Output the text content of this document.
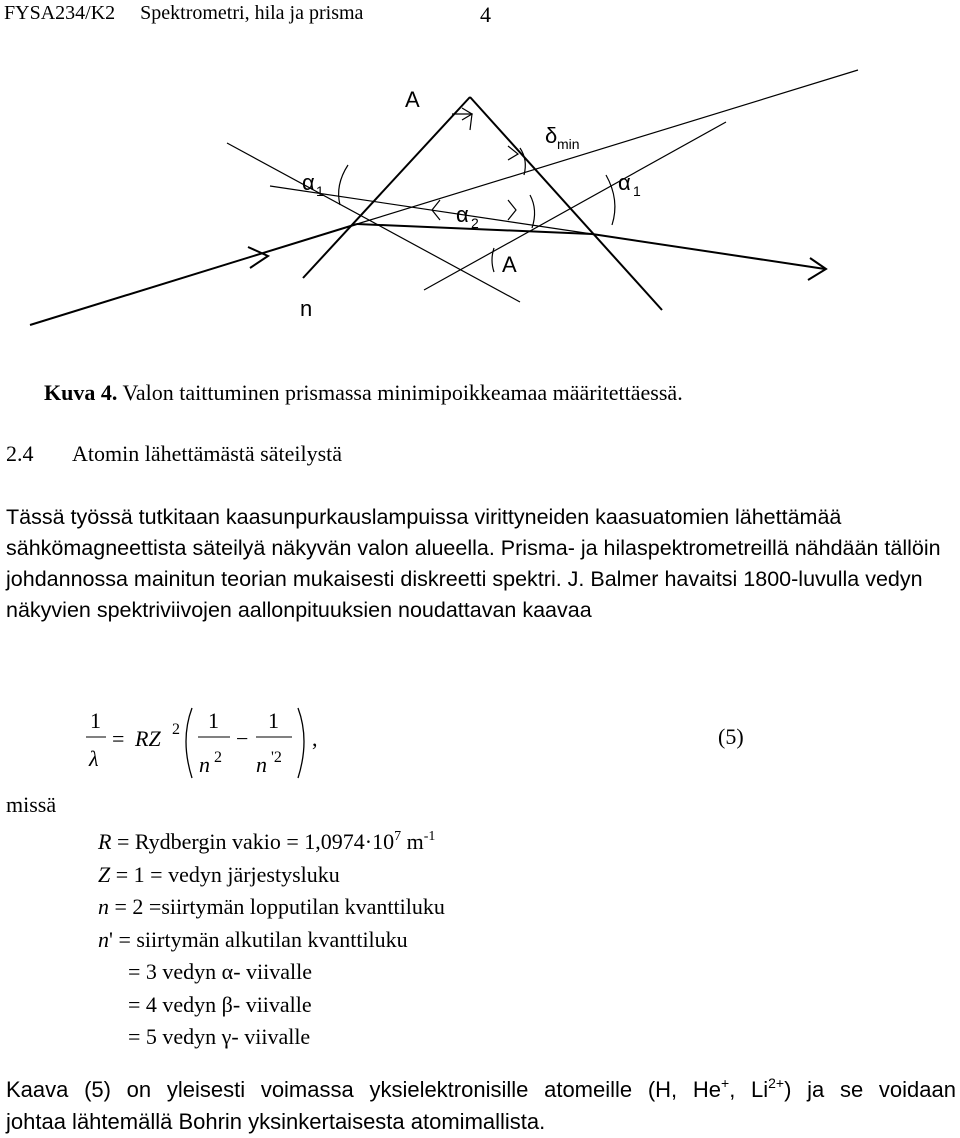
FYSA234/K2 Spektrometri, hila ja prisma	4
A
α 1	α 1
α 2
δ min
A
n
Kuva 4. Valon taittuminen prismassa minimipoikkeamaa määritettäessä.
2.4 Atomin lähettämästä säteilystä
Tässä työssä tutkitaan kaasunpurkauslampuissa virittyneiden kaasuatomien lähettämää sähkömagneettista säteilyä näkyvän valon alueella. Prisma- ja hilaspektrometreillä nähdään tällöin johdannossa mainitun teorian mukaisesti diskreetti spektri. J. Balmer havaitsi 1800-luvulla vedyn näkyvien spektriviivojen aallonpituuksien noudattavan kaavaa
1
λ
= RZ 2 1
n 2
−
1
n '2
,	(5)
missä
R = Rydbergin vakio = $1,0974\cdot 10^7$ $m^{-1}$
Z = 1 = vedyn järjestysluku
n = 2 =siirtymän lopputilan kvanttiluku
n' = siirtymän alkutilan kvanttiluku
= 3 vedyn α- viivalle
= 4 vedyn β- viivalle
= 5 vedyn γ- viivalle
Kaava (5) on yleisesti voimassa yksielektronisille atomeille (H, He+, $Li^{2+}$) ja se voidaan
johtaa lähtemällä Bohrin yksinkertaisesta atomimallista.
